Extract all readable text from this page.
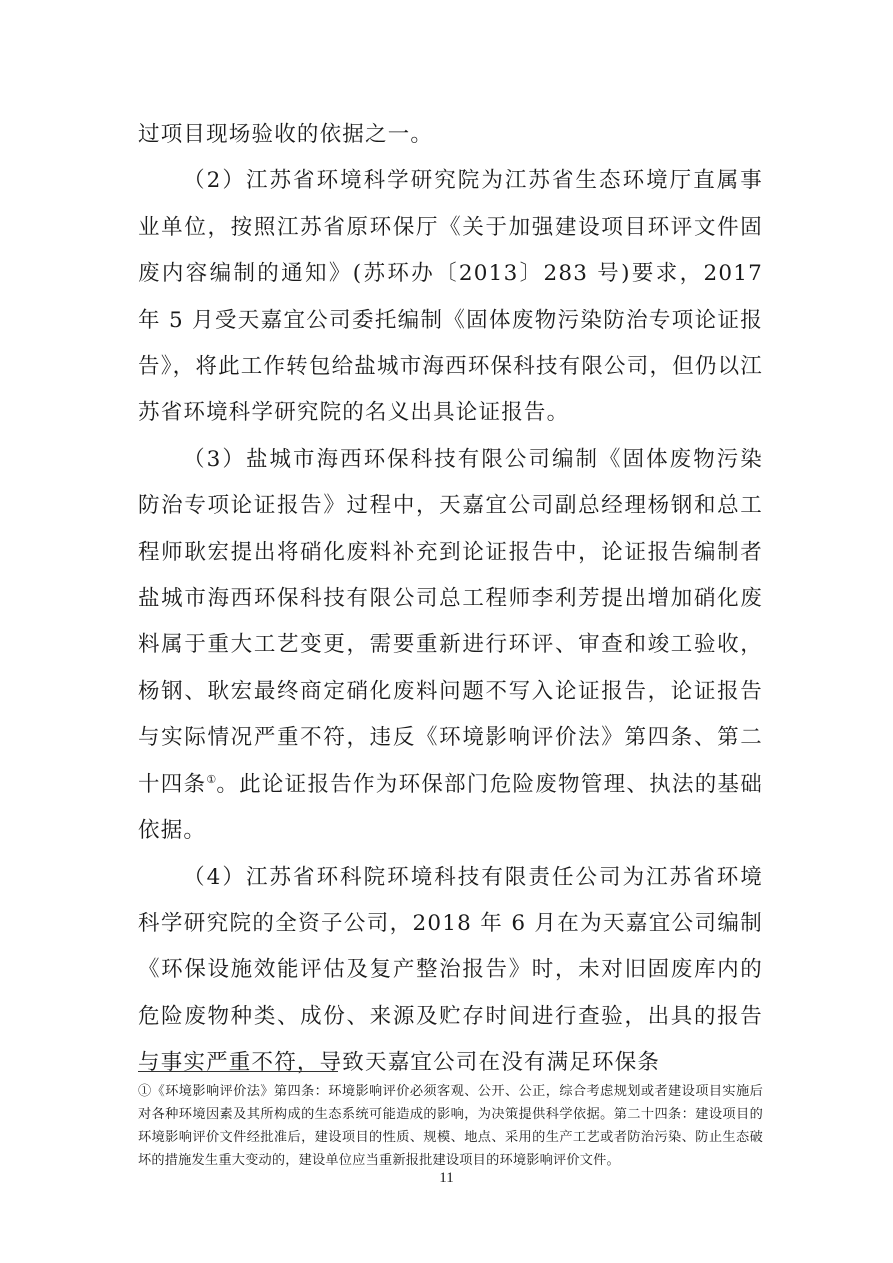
过项目现场验收的依据之一。

（2）江苏省环境科学研究院为江苏省生态环境厅直属事业单位，按照江苏省原环保厅《关于加强建设项目环评文件固废内容编制的通知》(苏环办〔2013〕283 号)要求，2017 年 5 月受天嘉宜公司委托编制《固体废物污染防治专项论证报告》，将此工作转包给盐城市海西环保科技有限公司，但仍以江苏省环境科学研究院的名义出具论证报告。

（3）盐城市海西环保科技有限公司编制《固体废物污染防治专项论证报告》过程中，天嘉宜公司副总经理杨钢和总工程师耿宏提出将硝化废料补充到论证报告中，论证报告编制者盐城市海西环保科技有限公司总工程师李利芳提出增加硝化废料属于重大工艺变更，需要重新进行环评、审查和竣工验收，杨钢、耿宏最终商定硝化废料问题不写入论证报告，论证报告与实际情况严重不符，违反《环境影响评价法》第四条、第二十四条①。此论证报告作为环保部门危险废物管理、执法的基础依据。

（4）江苏省环科院环境科技有限责任公司为江苏省环境科学研究院的全资子公司，2018 年 6 月在为天嘉宜公司编制《环保设施效能评估及复产整治报告》时，未对旧固废库内的危险废物种类、成份、来源及贮存时间进行查验，出具的报告与事实严重不符，导致天嘉宜公司在没有满足环保条

①《环境影响评价法》第四条：环境影响评价必须客观、公开、公正，综合考虑规划或者建设项目实施后对各种环境因素及其所构成的生态系统可能造成的影响，为决策提供科学依据。第二十四条：建设项目的环境影响评价文件经批准后，建设项目的性质、规模、地点、采用的生产工艺或者防治污染、防止生态破坏的措施发生重大变动的，建设单位应当重新报批建设项目的环境影响评价文件。
11
